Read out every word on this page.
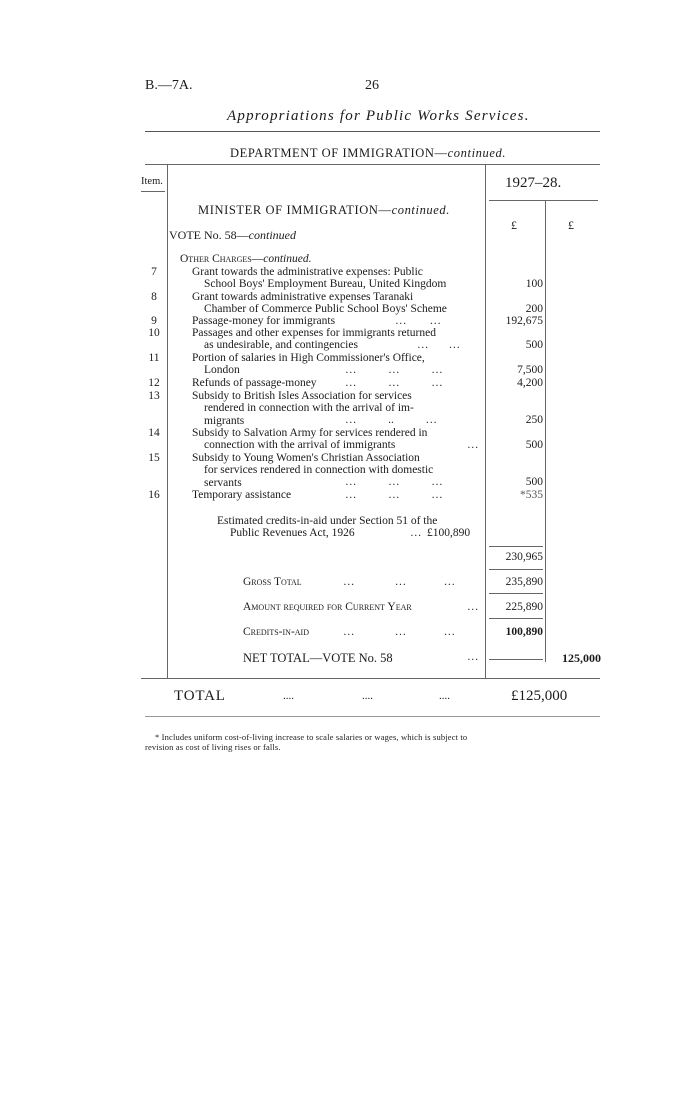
B.—7A.	26
Appropriations for Public Works Services.
DEPARTMENT OF IMMIGRATION—continued.
Item.	1927–28.
£	£
MINISTER OF IMMIGRATION—continued.
VOTE No. 58—continued
Other Charges—continued.
7	Grant towards the administrative expenses: Public
School Boys' Employment Bureau, United Kingdom	100
8	Grant towards administrative expenses Taranaki
Chamber of Commerce Public School Boys' Scheme	200
9	Passage-money for immigrants	…        …	192,675
10	Passages and other expenses for immigrants returned
as undesirable, and contingencies	…       …	500
11	Portion of salaries in High Commissioner's Office,
London	…           …           …	7,500
12	Refunds of passage-money	…           …           …	4,200
13	Subsidy to British Isles Association for services
rendered in connection with the arrival of im-
migrants	…           ..           …	250
14	Subsidy to Salvation Army for services rendered in
connection with the arrival of immigrants	…	500
15	Subsidy to Young Women's Christian Association
for services rendered in connection with domestic
servants	…           …           …	500
16	Temporary assistance	…           …           …	*535
Estimated credits-in-aid under Section 51 of the
Public Revenues Act, 1926	… £100,890
230,965
Gross Total	…              …             …	235,890
Amount required for Current Year	…	225,890
Credits-in-aid	…              …             …	100,890
NET TOTAL—VOTE No. 58	…	125,000
TOTAL	....	....	....	£125,000
* Includes uniform cost-of-living increase to scale salaries or wages, which is subject to
revision as cost of living rises or falls.
